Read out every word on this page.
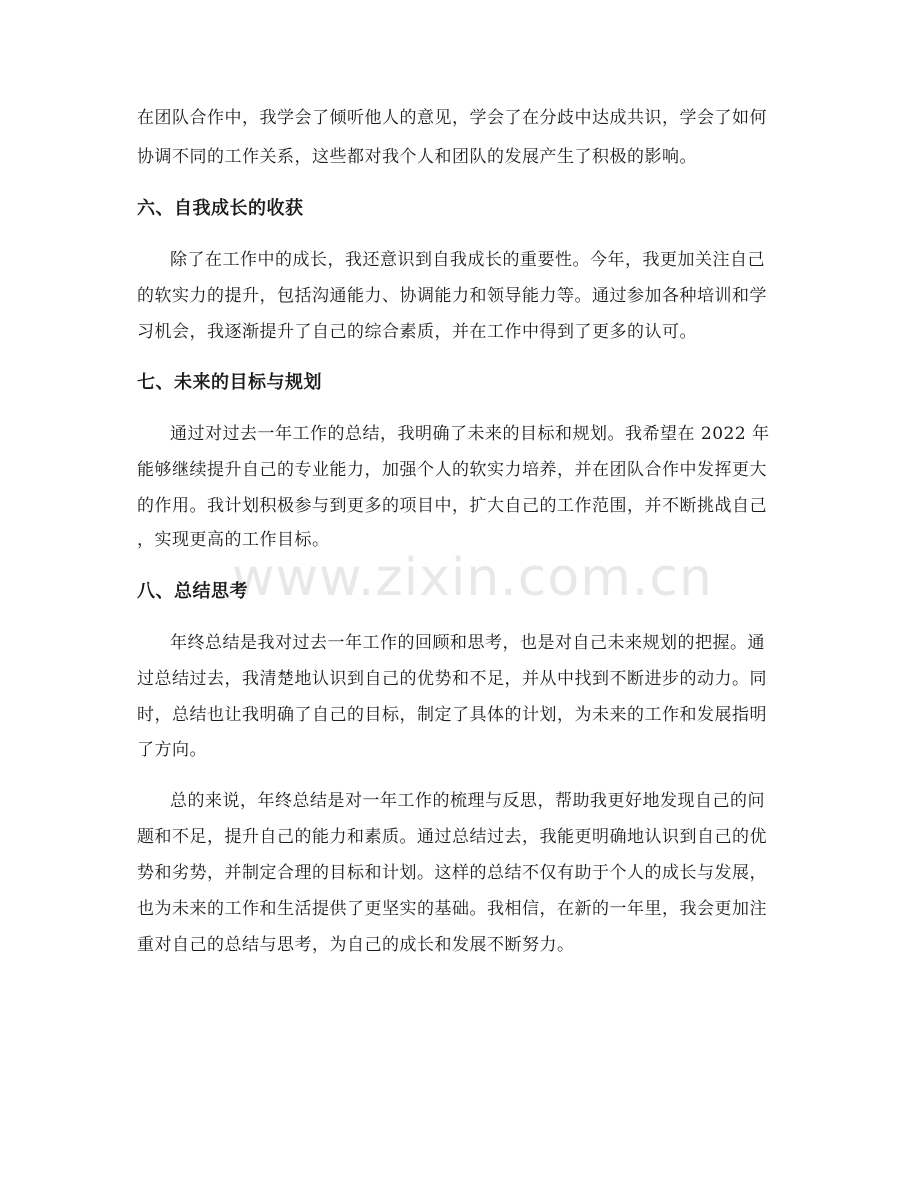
www.zixin.com.cn
在团队合作中，我学会了倾听他人的意见，学会了在分歧中达成共识，学会了如何
协调不同的工作关系，这些都对我个人和团队的发展产生了积极的影响。
六、自我成长的收获
除了在工作中的成长，我还意识到自我成长的重要性。今年，我更加关注自己
的软实力的提升，包括沟通能力、协调能力和领导能力等。通过参加各种培训和学
习机会，我逐渐提升了自己的综合素质，并在工作中得到了更多的认可。
七、未来的目标与规划
通过对过去一年工作的总结，我明确了未来的目标和规划。我希望在 2022 年
能够继续提升自己的专业能力，加强个人的软实力培养，并在团队合作中发挥更大
的作用。我计划积极参与到更多的项目中，扩大自己的工作范围，并不断挑战自己
，实现更高的工作目标。
八、总结思考
年终总结是我对过去一年工作的回顾和思考，也是对自己未来规划的把握。通
过总结过去，我清楚地认识到自己的优势和不足，并从中找到不断进步的动力。同
时，总结也让我明确了自己的目标，制定了具体的计划，为未来的工作和发展指明
了方向。
总的来说，年终总结是对一年工作的梳理与反思，帮助我更好地发现自己的问
题和不足，提升自己的能力和素质。通过总结过去，我能更明确地认识到自己的优
势和劣势，并制定合理的目标和计划。这样的总结不仅有助于个人的成长与发展，
也为未来的工作和生活提供了更坚实的基础。我相信，在新的一年里，我会更加注
重对自己的总结与思考，为自己的成长和发展不断努力。
